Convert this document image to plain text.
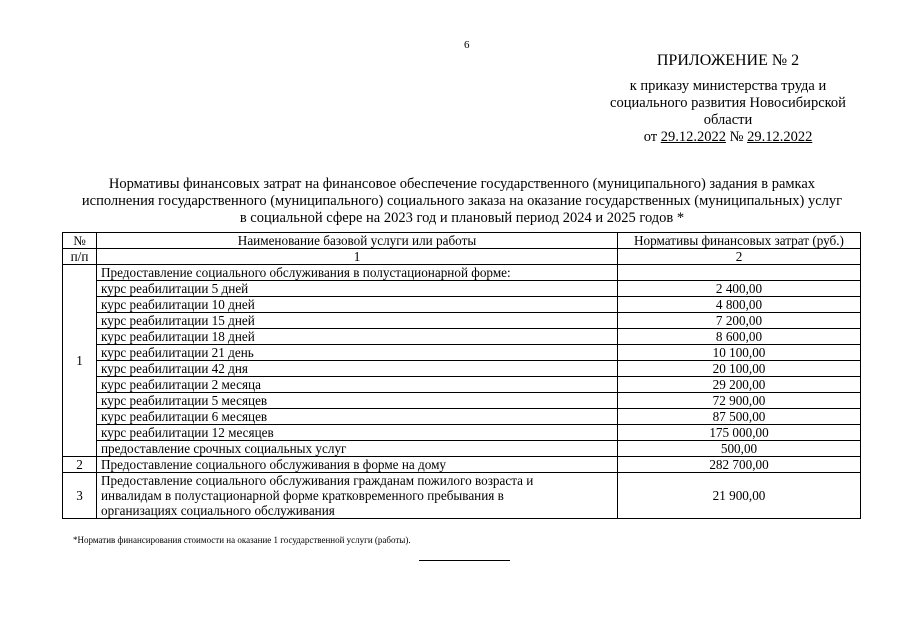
6
ПРИЛОЖЕНИЕ № 2
к приказу министерства труда и
социального развития Новосибирской
области
от 29.12.2022 № 29.12.2022
Нормативы финансовых затрат на финансовое обеспечение государственного (муниципального) задания в рамках
исполнения государственного (муниципального) социального заказа на оказание государственных (муниципальных) услуг
в социальной сфере на 2023 год и плановый период 2024 и 2025 годов *
№	Наименование базовой услуги или работы	Нормативы финансовых затрат (руб.)
п/п	1	2
1	Предоставление социального обслуживания в полустационарной форме:	
	курс реабилитации 5 дней	2 400,00
	курс реабилитации 10 дней	4 800,00
	курс реабилитации 15 дней	7 200,00
	курс реабилитации 18 дней	8 600,00
	курс реабилитации 21 день	10 100,00
	курс реабилитации 42 дня	20 100,00
	курс реабилитации 2 месяца	29 200,00
	курс реабилитации 5 месяцев	72 900,00
	курс реабилитации 6 месяцев	87 500,00
	курс реабилитации 12 месяцев	175 000,00
	предоставление срочных социальных услуг	500,00
2	Предоставление социального обслуживания в форме на дому	282 700,00
3	Предоставление социального обслуживания гражданам пожилого возраста и
инвалидам в полустационарной форме кратковременного пребывания в
организациях социального обслуживания	21 900,00
*Норматив финансирования стоимости на оказание 1 государственной услуги (работы).
